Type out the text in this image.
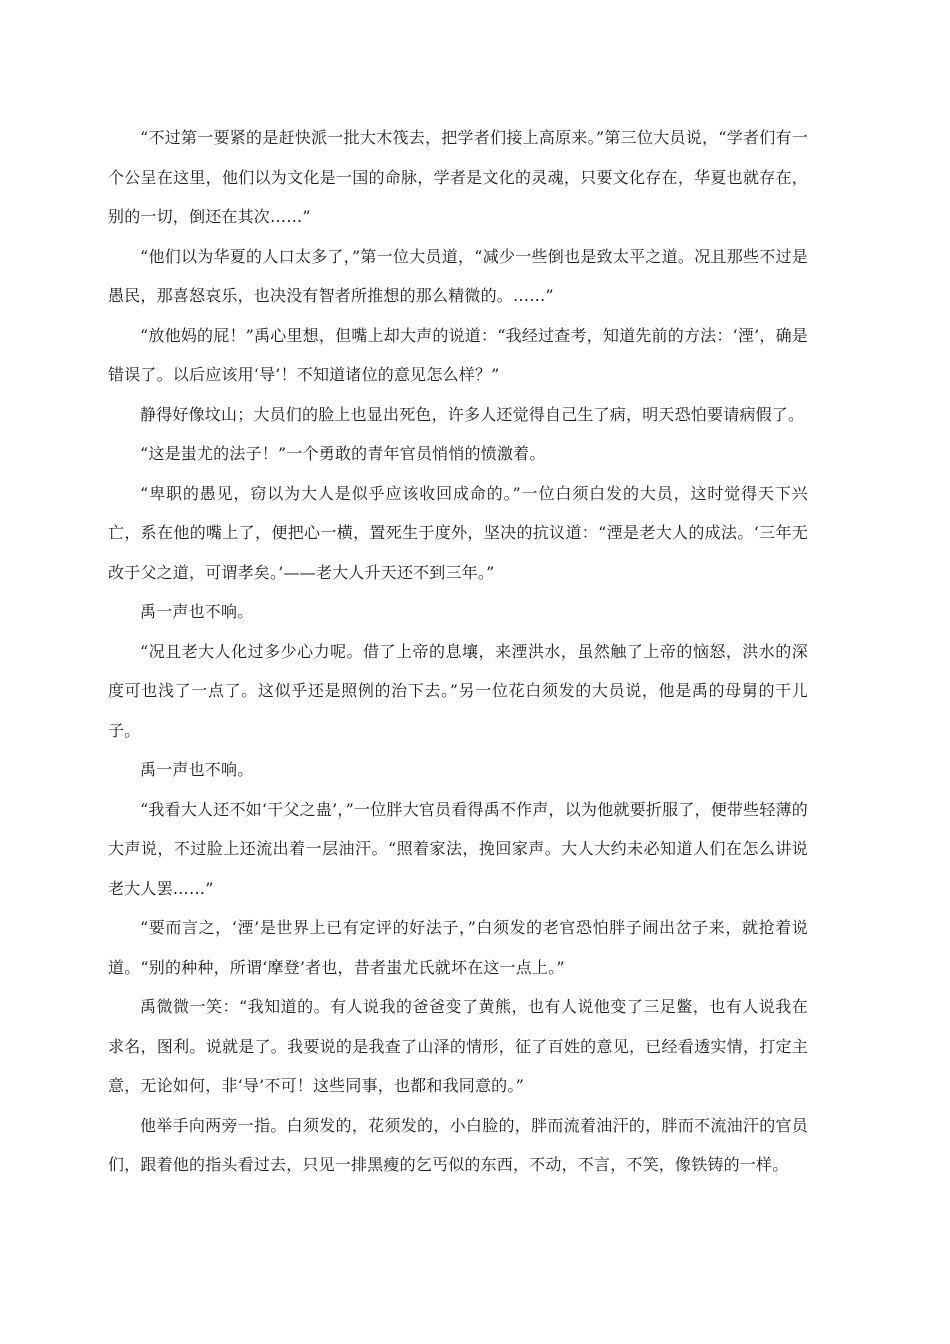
“不过第一要紧的是赶快派一批大木筏去，把学者们接上高原来。”第三位大员说，“学者们有一个公呈在这里，他们以为文化是一国的命脉，学者是文化的灵魂，只要文化存在，华夏也就存在，别的一切，倒还在其次……”

“他们以为华夏的人口太多了，”第一位大员道，“减少一些倒也是致太平之道。况且那些不过是愚民，那喜怒哀乐，也决没有智者所推想的那么精微的。……”

“放他妈的屁！”禹心里想，但嘴上却大声的说道：“我经过查考，知道先前的方法：‘湮’，确是错误了。以后应该用‘导’！不知道诸位的意见怎么样？”

静得好像坟山；大员们的脸上也显出死色，许多人还觉得自己生了病，明天恐怕要请病假了。

“这是蚩尤的法子！”一个勇敢的青年官员悄悄的愤激着。

“卑职的愚见，窃以为大人是似乎应该收回成命的。”一位白须白发的大员，这时觉得天下兴亡，系在他的嘴上了，便把心一横，置死生于度外，坚决的抗议道：“湮是老大人的成法。‘三年无改于父之道，可谓孝矣。’——老大人升天还不到三年。”

禹一声也不响。

“况且老大人化过多少心力呢。借了上帝的息壤，来湮洪水，虽然触了上帝的恼怒，洪水的深度可也浅了一点了。这似乎还是照例的治下去。”另一位花白须发的大员说，他是禹的母舅的干儿子。

禹一声也不响。

“我看大人还不如‘干父之蛊’，”一位胖大官员看得禹不作声，以为他就要折服了，便带些轻薄的大声说，不过脸上还流出着一层油汗。“照着家法，挽回家声。大人大约未必知道人们在怎么讲说老大人罢……”

“要而言之，‘湮’是世界上已有定评的好法子，”白须发的老官恐怕胖子闹出岔子来，就抢着说道。“别的种种，所谓‘摩登’者也，昔者蚩尤氏就坏在这一点上。”

禹微微一笑：“我知道的。有人说我的爸爸变了黄熊，也有人说他变了三足鳖，也有人说我在求名，图利。说就是了。我要说的是我查了山泽的情形，征了百姓的意见，已经看透实情，打定主意，无论如何，非‘导’不可！这些同事，也都和我同意的。”

他举手向两旁一指。白须发的，花须发的，小白脸的，胖而流着油汗的，胖而不流油汗的官员们，跟着他的指头看过去，只见一排黑瘦的乞丐似的东西，不动，不言，不笑，像铁铸的一样。
